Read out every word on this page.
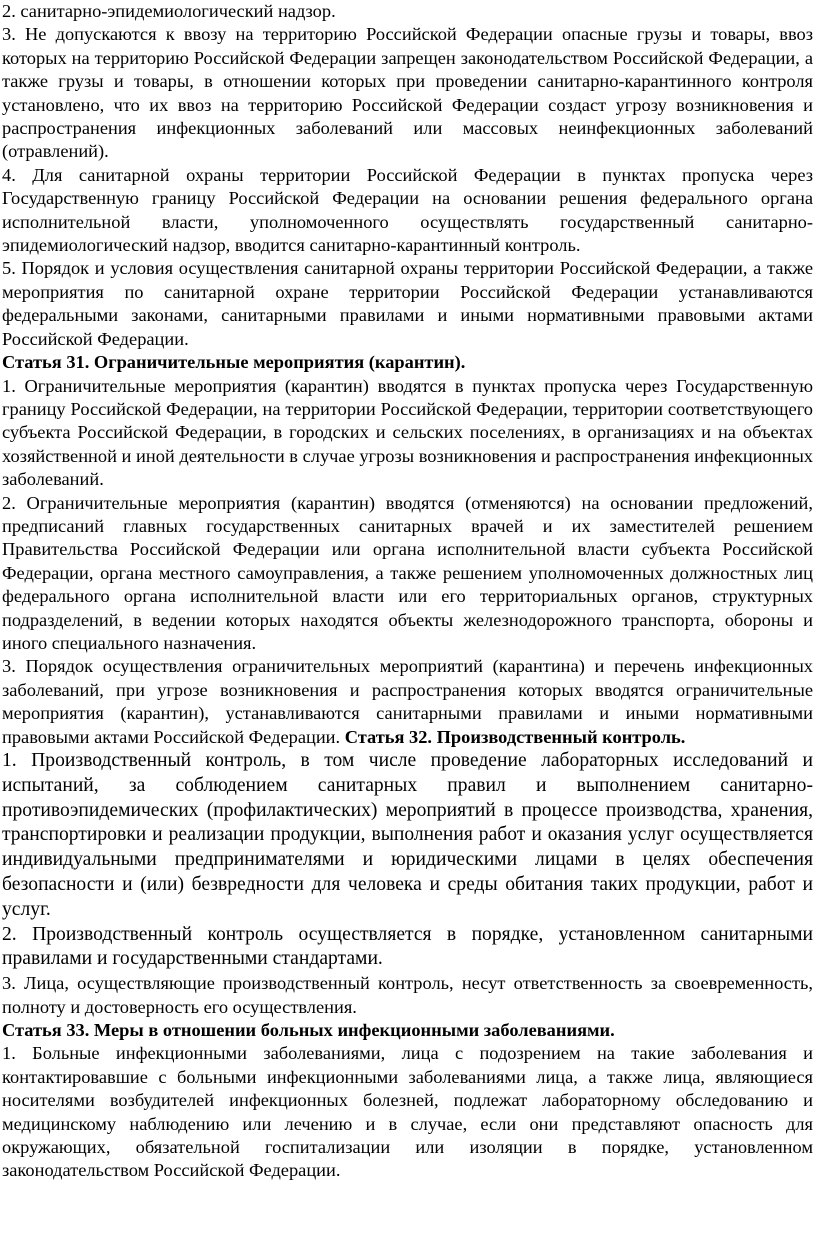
2. санитарно-эпидемиологический надзор.

3. Не допускаются к ввозу на территорию Российской Федерации опасные грузы и товары, ввоз которых на территорию Российской Федерации запрещен законодательством Российской Федерации, а также грузы и товары, в отношении которых при проведении санитарно-карантинного контроля установлено, что их ввоз на территорию Российской Федерации создаст угрозу возникновения и распространения инфекционных заболеваний или массовых неинфекционных заболеваний (отравлений).

4. Для санитарной охраны территории Российской Федерации в пунктах пропуска через Государственную границу Российской Федерации на основании решения федерального органа исполнительной власти, уполномоченного осуществлять государственный санитарно-эпидемиологический надзор, вводится санитарно-карантинный контроль.

5. Порядок и условия осуществления санитарной охраны территории Российской Федерации, а также мероприятия по санитарной охране территории Российской Федерации устанавливаются федеральными законами, санитарными правилами и иными нормативными правовыми актами Российской Федерации.

Статья 31. Ограничительные мероприятия (карантин).

1. Ограничительные мероприятия (карантин) вводятся в пунктах пропуска через Государственную границу Российской Федерации, на территории Российской Федерации, территории соответствующего субъекта Российской Федерации, в городских и сельских поселениях, в организациях и на объектах хозяйственной и иной деятельности в случае угрозы возникновения и распространения инфекционных заболеваний.

2. Ограничительные мероприятия (карантин) вводятся (отменяются) на основании предложений, предписаний главных государственных санитарных врачей и их заместителей решением Правительства Российской Федерации или органа исполнительной власти субъекта Российской Федерации, органа местного самоуправления, а также решением уполномоченных должностных лиц федерального органа исполнительной власти или его территориальных органов, структурных подразделений, в ведении которых находятся объекты железнодорожного транспорта, обороны и иного специального назначения.

3. Порядок осуществления ограничительных мероприятий (карантина) и перечень инфекционных заболеваний, при угрозе возникновения и распространения которых вводятся ограничительные мероприятия (карантин), устанавливаются санитарными правилами и иными нормативными правовыми актами Российской Федерации. Статья 32. Производственный контроль.

1. Производственный контроль, в том числе проведение лабораторных исследований и испытаний, за соблюдением санитарных правил и выполнением санитарно-противоэпидемических (профилактических) мероприятий в процессе производства, хранения, транспортировки и реализации продукции, выполнения работ и оказания услуг осуществляется индивидуальными предпринимателями и юридическими лицами в целях обеспечения безопасности и (или) безвредности для человека и среды обитания таких продукции, работ и услуг.

2. Производственный контроль осуществляется в порядке, установленном санитарными правилами и государственными стандартами.

3. Лица, осуществляющие производственный контроль, несут ответственность за своевременность, полноту и достоверность его осуществления.

Статья 33. Меры в отношении больных инфекционными заболеваниями.

1. Больные инфекционными заболеваниями, лица с подозрением на такие заболевания и контактировавшие с больными инфекционными заболеваниями лица, а также лица, являющиеся носителями возбудителей инфекционных болезней, подлежат лабораторному обследованию и медицинскому наблюдению или лечению и в случае, если они представляют опасность для окружающих, обязательной госпитализации или изоляции в порядке, установленном законодательством Российской Федерации.
